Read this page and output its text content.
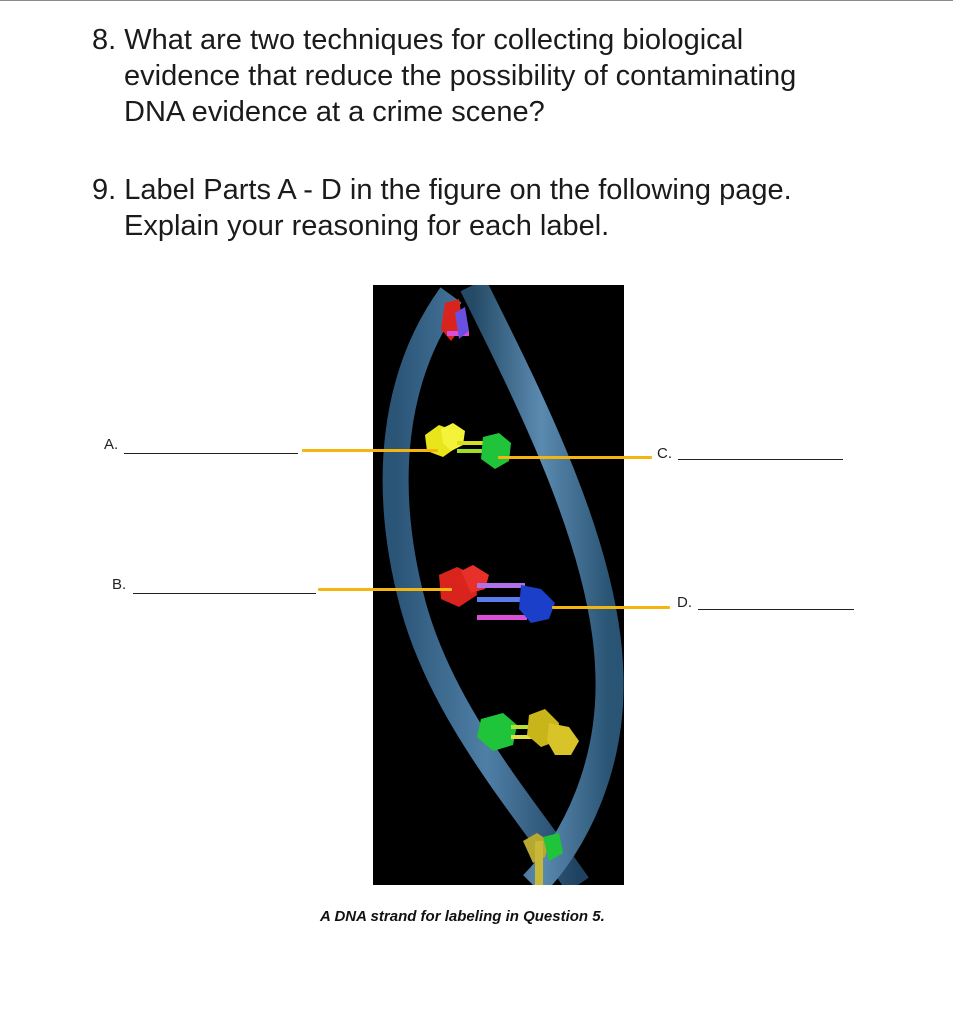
8. What are two techniques for collecting biological
evidence that reduce the possibility of contaminating
DNA evidence at a crime scene?
9. Label Parts A - D in the figure on the following page.
Explain your reasoning for each label.
A.
B.
C.
D.
A DNA strand for labeling in Question 5.
